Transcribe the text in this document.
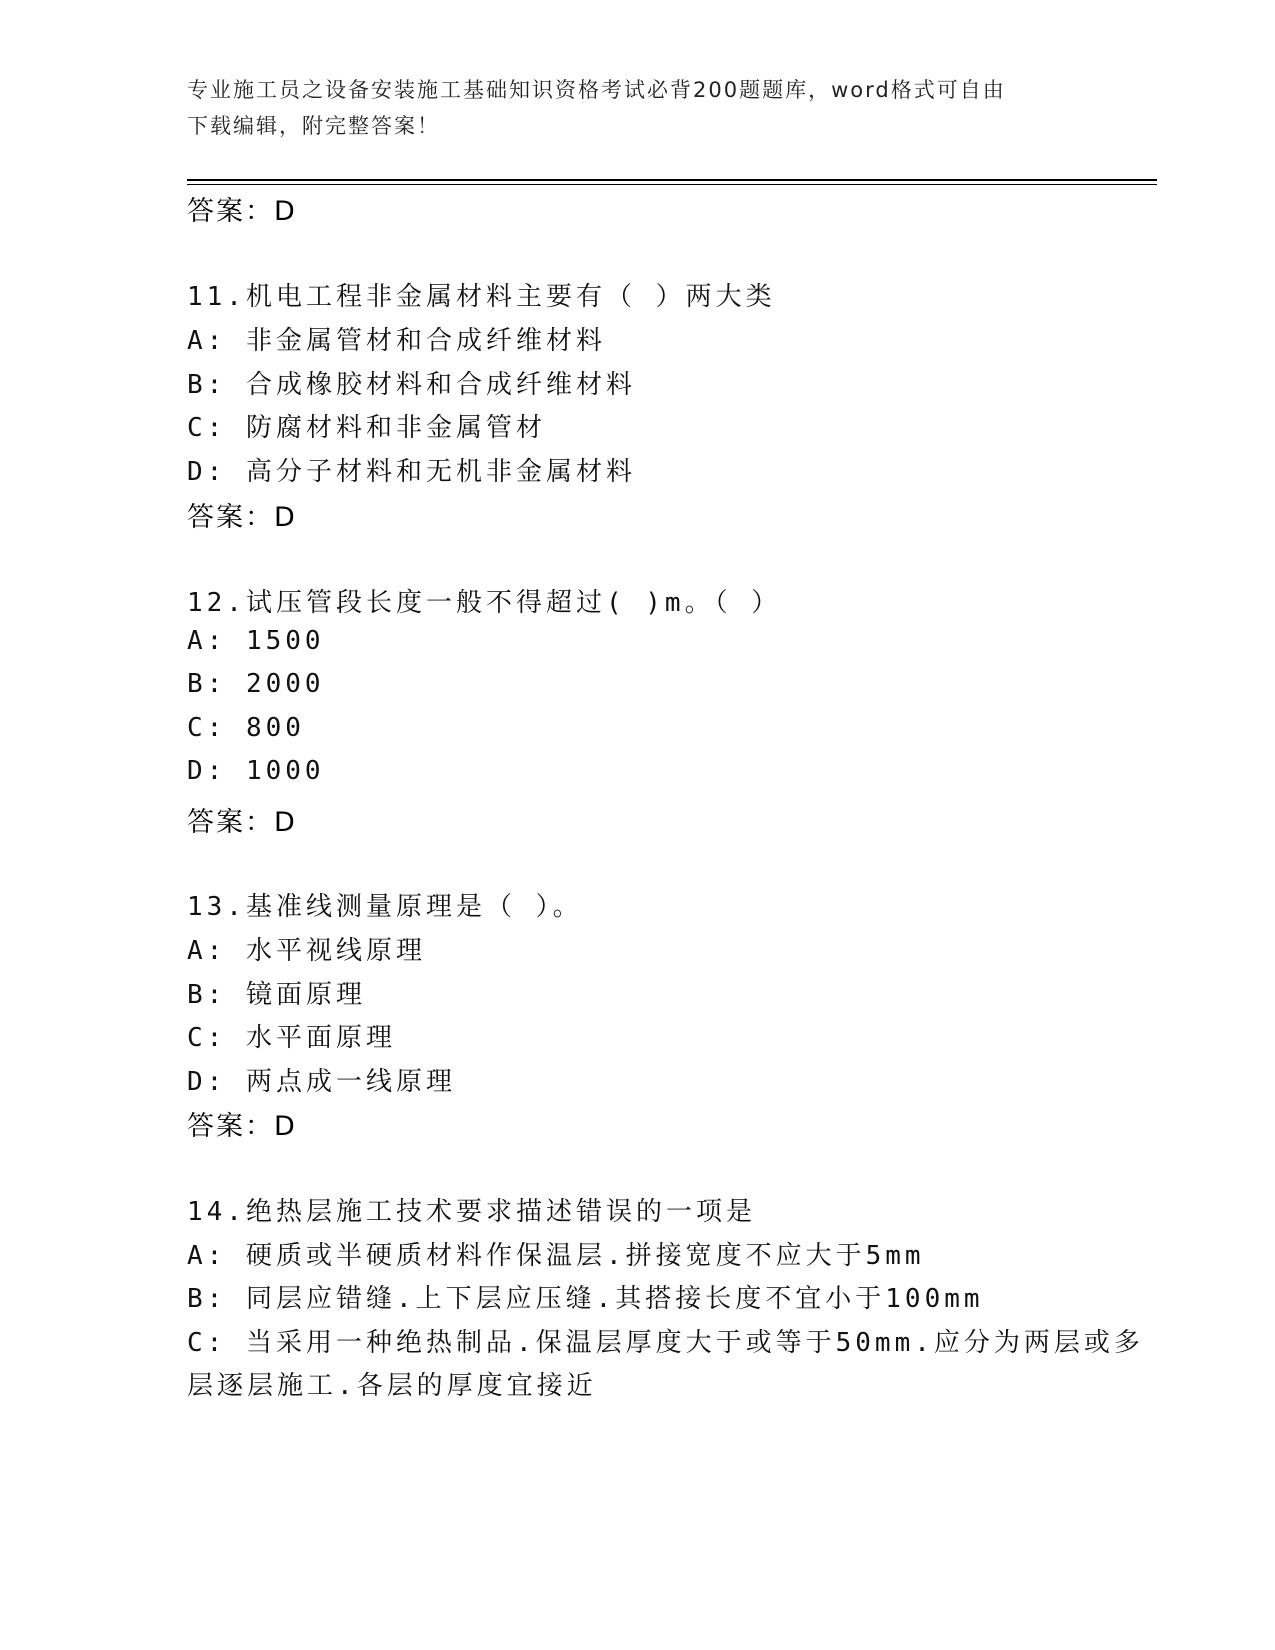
专业施工员之设备安装施工基础知识资格考试必背200题题库，word格式可自由
下载编辑，附完整答案！
答案：D
11.机电工程非金属材料主要有（ ）两大类
A: 非金属管材和合成纤维材料
B: 合成橡胶材料和合成纤维材料
C: 防腐材料和非金属管材
D: 高分子材料和无机非金属材料
答案：D
12.试压管段长度一般不得超过( )m。（ ）
A: 1500
B: 2000
C: 800
D: 1000
答案：D
13.基准线测量原理是（ ）。
A: 水平视线原理
B: 镜面原理
C: 水平面原理
D: 两点成一线原理
答案：D
14.绝热层施工技术要求描述错误的一项是
A: 硬质或半硬质材料作保温层.拼接宽度不应大于5mm
B: 同层应错缝.上下层应压缝.其搭接长度不宜小于100mm
C: 当采用一种绝热制品.保温层厚度大于或等于50mm.应分为两层或多
层逐层施工.各层的厚度宜接近
